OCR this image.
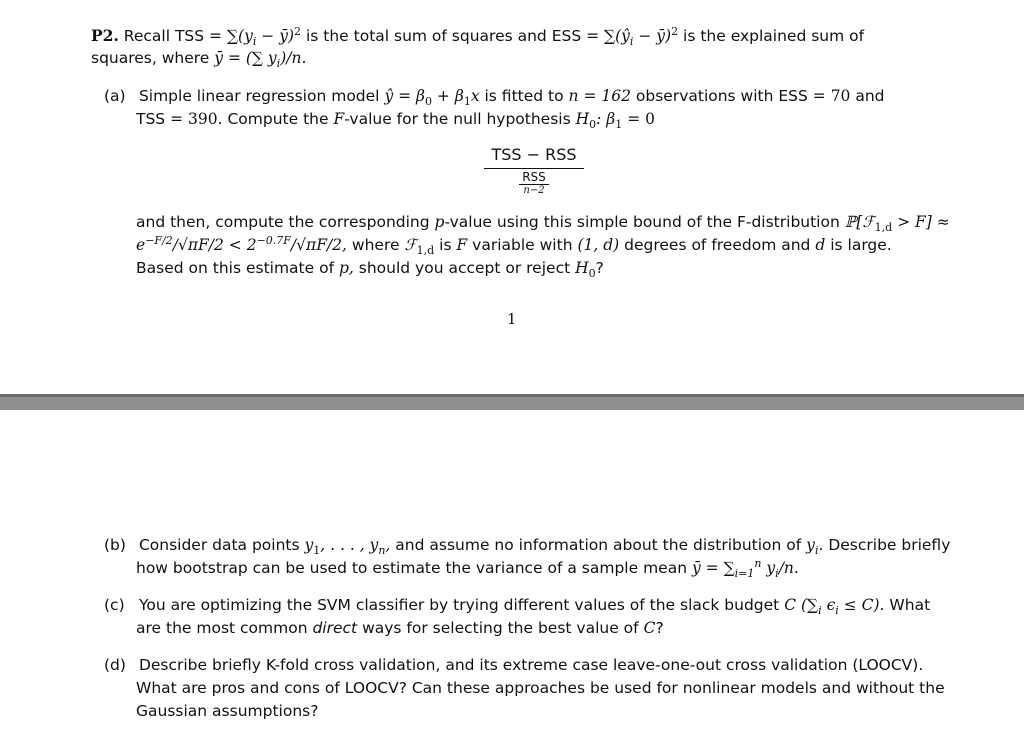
P2. Recall TSS = $\sum(y_i$ − ȳ)$^2$ is the total sum of squares and ESS = $\sum(ŷ_i$ − ȳ)$^2$ is the explained sum of
squares, where ȳ = (∑ $y_i)/n$.
(a) Simple linear regression model ŷ = $\beta_0 + \beta_1x$ is fitted to n = 162 observations with ESS = 70 and
TSS = 390. Compute the F-value for the null hypothesis $H_0$: $\beta_1 = 0$
TSS − RSS
RSS
n−2
and then, compute the corresponding p-value using this simple bound of the F-distribution ℙ[ℱ$_{1,d}$ > F] ≈
$e^{-F/2}/√\pi F/2 < 2^{-0.7F}/√\pi F/2$, where ℱ$_{1,d}$ is F variable with (1, d) degrees of freedom and d is large.
Based on this estimate of p, should you accept or reject $H_0$?
1
(b) Consider data points $y_1$, . . . , $y_n$, and assume no information about the distribution of $y_i$. Describe briefly
how bootstrap can be used to estimate the variance of a sample mean ȳ = $\sum_{i=1}^n$ $y_i/n$.
(c) You are optimizing the SVM classifier by trying different values of the slack budget C ($\sum_i$ $\epsilon_i \le C$). What
are the most common direct ways for selecting the best value of C?
(d) Describe briefly K-fold cross validation, and its extreme case leave-one-out cross validation (LOOCV).
What are pros and cons of LOOCV? Can these approaches be used for nonlinear models and without the
Gaussian assumptions?
